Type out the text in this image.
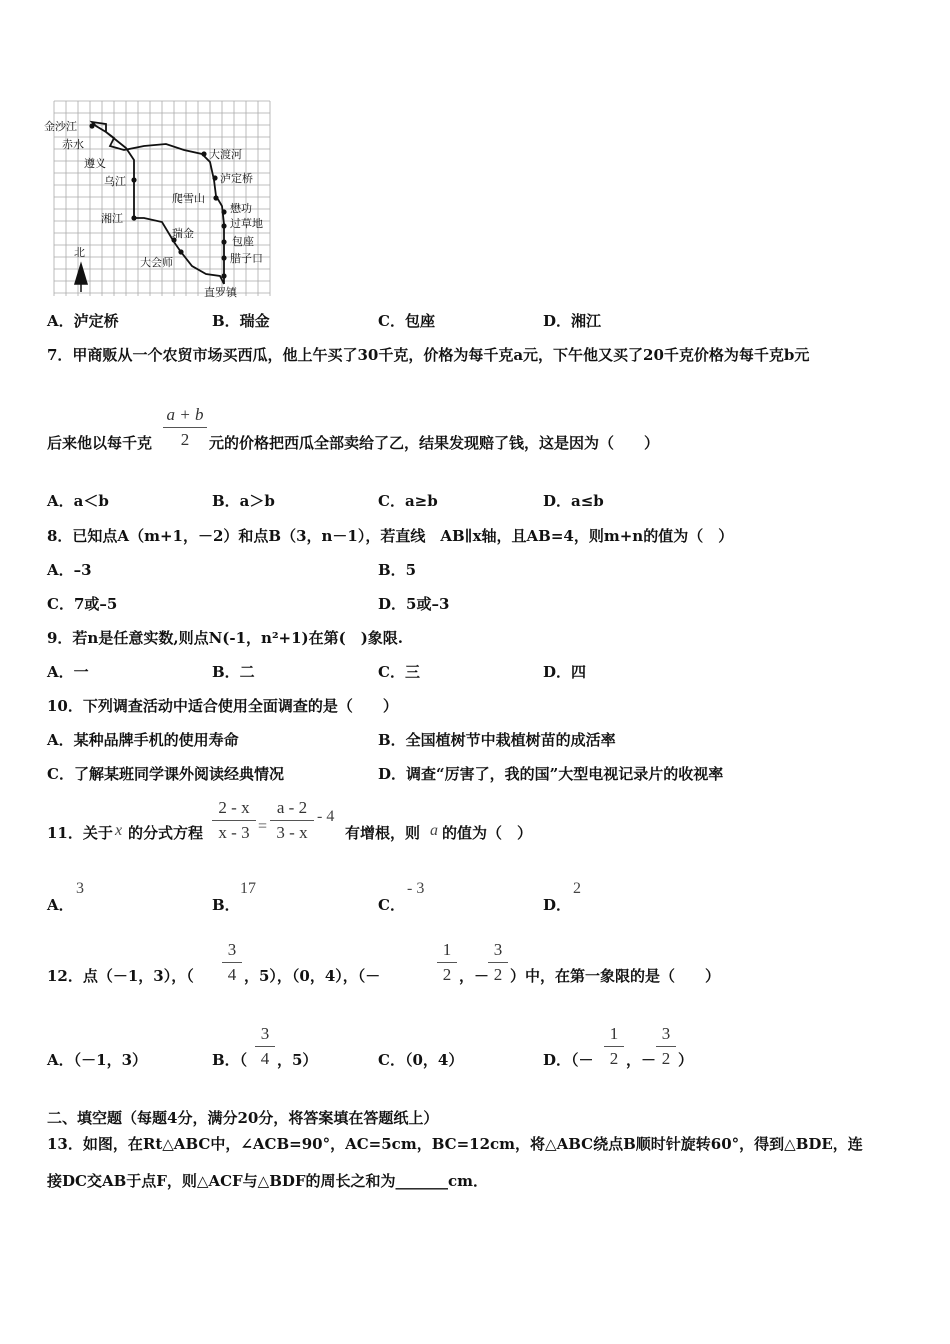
金沙江
赤水
遵义
乌江
湘江
瑞金
大会师
大渡河
泸定桥
爬雪山
懋功
过草地
包座
腊子口
直罗镇
北
A．泸定桥	B．瑞金	C．包座	D．湘江
7．甲商贩从一个农贸市场买西瓜，他上午买了30千克，价格为每千克a元，下午他又买了20千克价格为每千克b元
后来他以每千克
a + b
2	元的价格把西瓜全部卖给了乙，结果发现赔了钱，这是因为（　　）
A．a＜b	B．a＞b	C．a≥b	D．a≤b
8．已知点A（m+1，－2）和点B（3，n－1），若直线　AB∥x轴，且AB=4，则m+n的值为（　）
A．–3	B．5
C．7或–5	D．5或–3
9．若n是任意实数,则点N(-1，n²+1)在第(　)象限.
A．一	B．二	C．三	D．四
10．下列调查活动中适合使用全面调查的是（　　）
A．某种品牌手机的使用寿命	B．全国植树节中栽植树苗的成活率
C．了解某班同学课外阅读经典情况	D．调查“厉害了，我的国”大型电视记录片的收视率
11．关于 x 的分式方程
2 - x
x - 3 =
a - 2
3 - x
- 4
有增根，则 a 的值为（　）
A．
3
B．
17
C．
- 3
D．
2
12．点（－1，3），（
3
4 ，5），（0，4），（－
1
2 ，－
3
2 ）中，在第一象限的是（　　）
A．（－1，3）	B．（
3
4 ，5）	C．（0，4）	D．（－
1
2 ，－
3
2 ）
二、填空题（每题4分，满分20分，将答案填在答题纸上）
13．如图，在Rt△ABC中，∠ACB=90°，AC=5cm，BC=12cm，将△ABC绕点B顺时针旋转60°，得到△BDE，连
接DC交AB于点F，则△ACF与△BDF的周长之和为_______cm．
